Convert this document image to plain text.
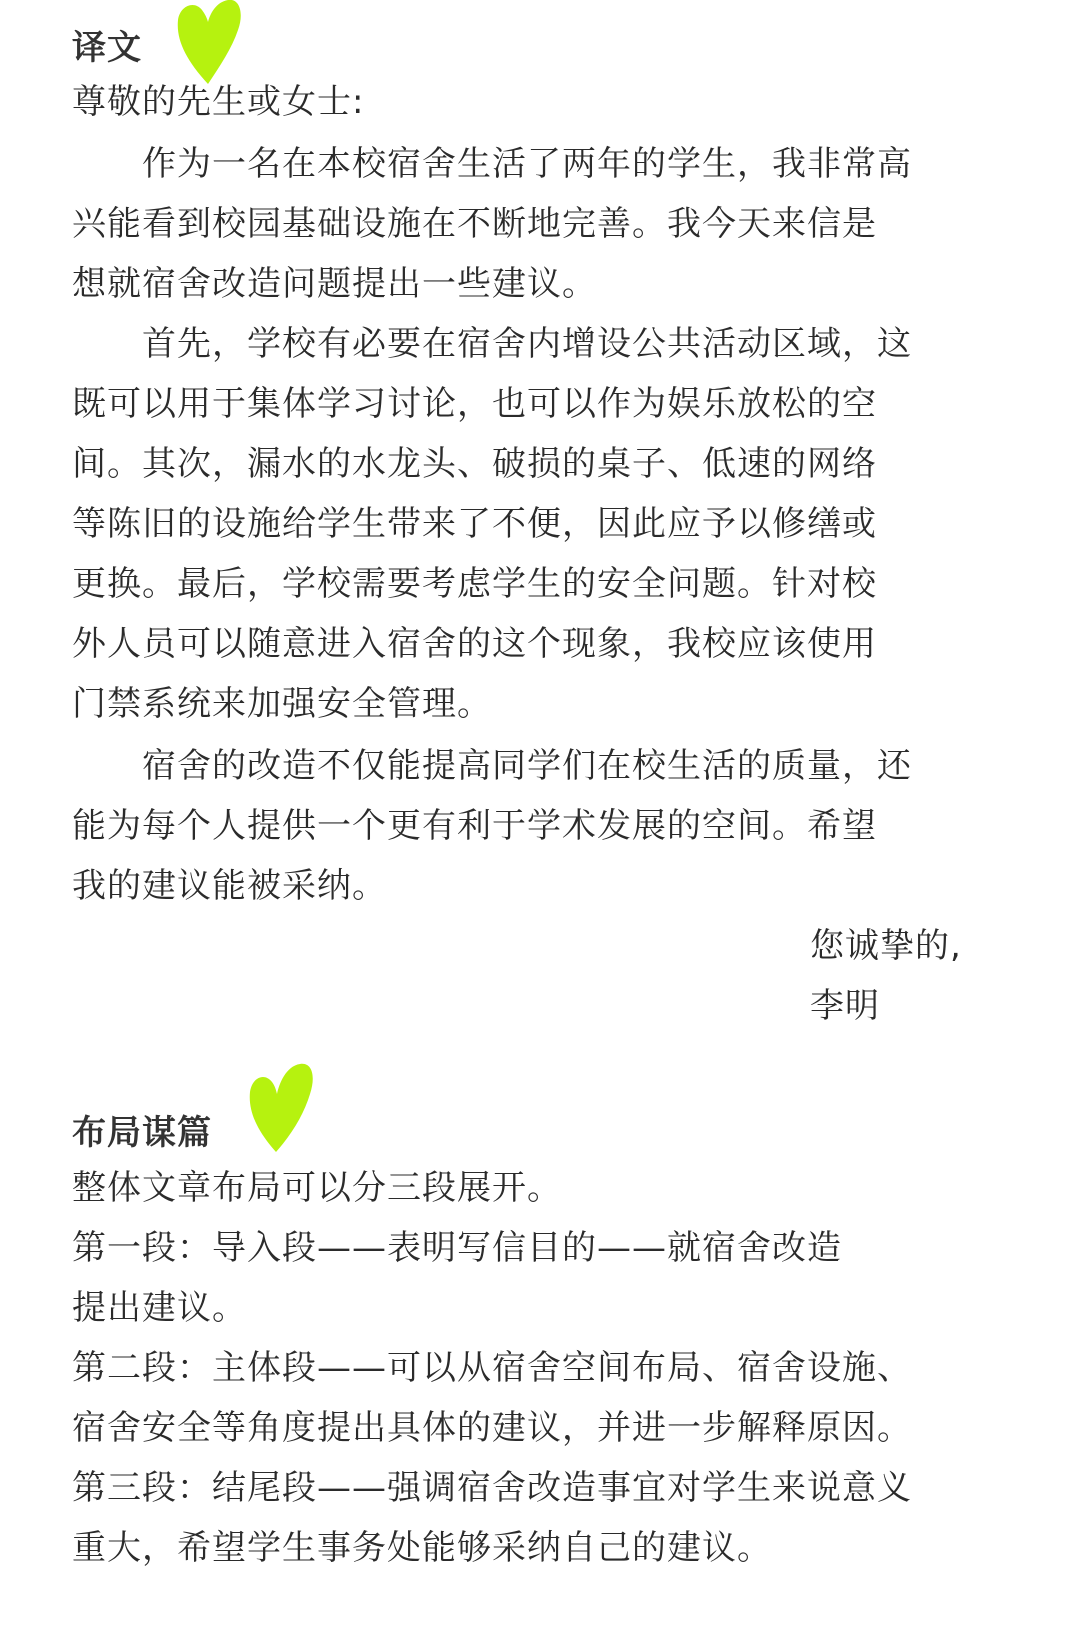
译文
尊敬的先生或女士:
作为一名在本校宿舍生活了两年的学生，我非常高
兴能看到校园基础设施在不断地完善。我今天来信是
想就宿舍改造问题提出一些建议。
首先，学校有必要在宿舍内增设公共活动区域，这
既可以用于集体学习讨论，也可以作为娱乐放松的空
间。其次，漏水的水龙头、破损的桌子、低速的网络
等陈旧的设施给学生带来了不便，因此应予以修缮或
更换。最后，学校需要考虑学生的安全问题。针对校
外人员可以随意进入宿舍的这个现象，我校应该使用
门禁系统来加强安全管理。
宿舍的改造不仅能提高同学们在校生活的质量，还
能为每个人提供一个更有利于学术发展的空间。希望
我的建议能被采纳。
您诚挚的,
李明
布局谋篇
整体文章布局可以分三段展开。
第一段：导入段——表明写信目的——就宿舍改造
提出建议。
第二段：主体段——可以从宿舍空间布局、宿舍设施、
宿舍安全等角度提出具体的建议，并进一步解释原因。
第三段：结尾段——强调宿舍改造事宜对学生来说意义
重大，希望学生事务处能够采纳自己的建议。
